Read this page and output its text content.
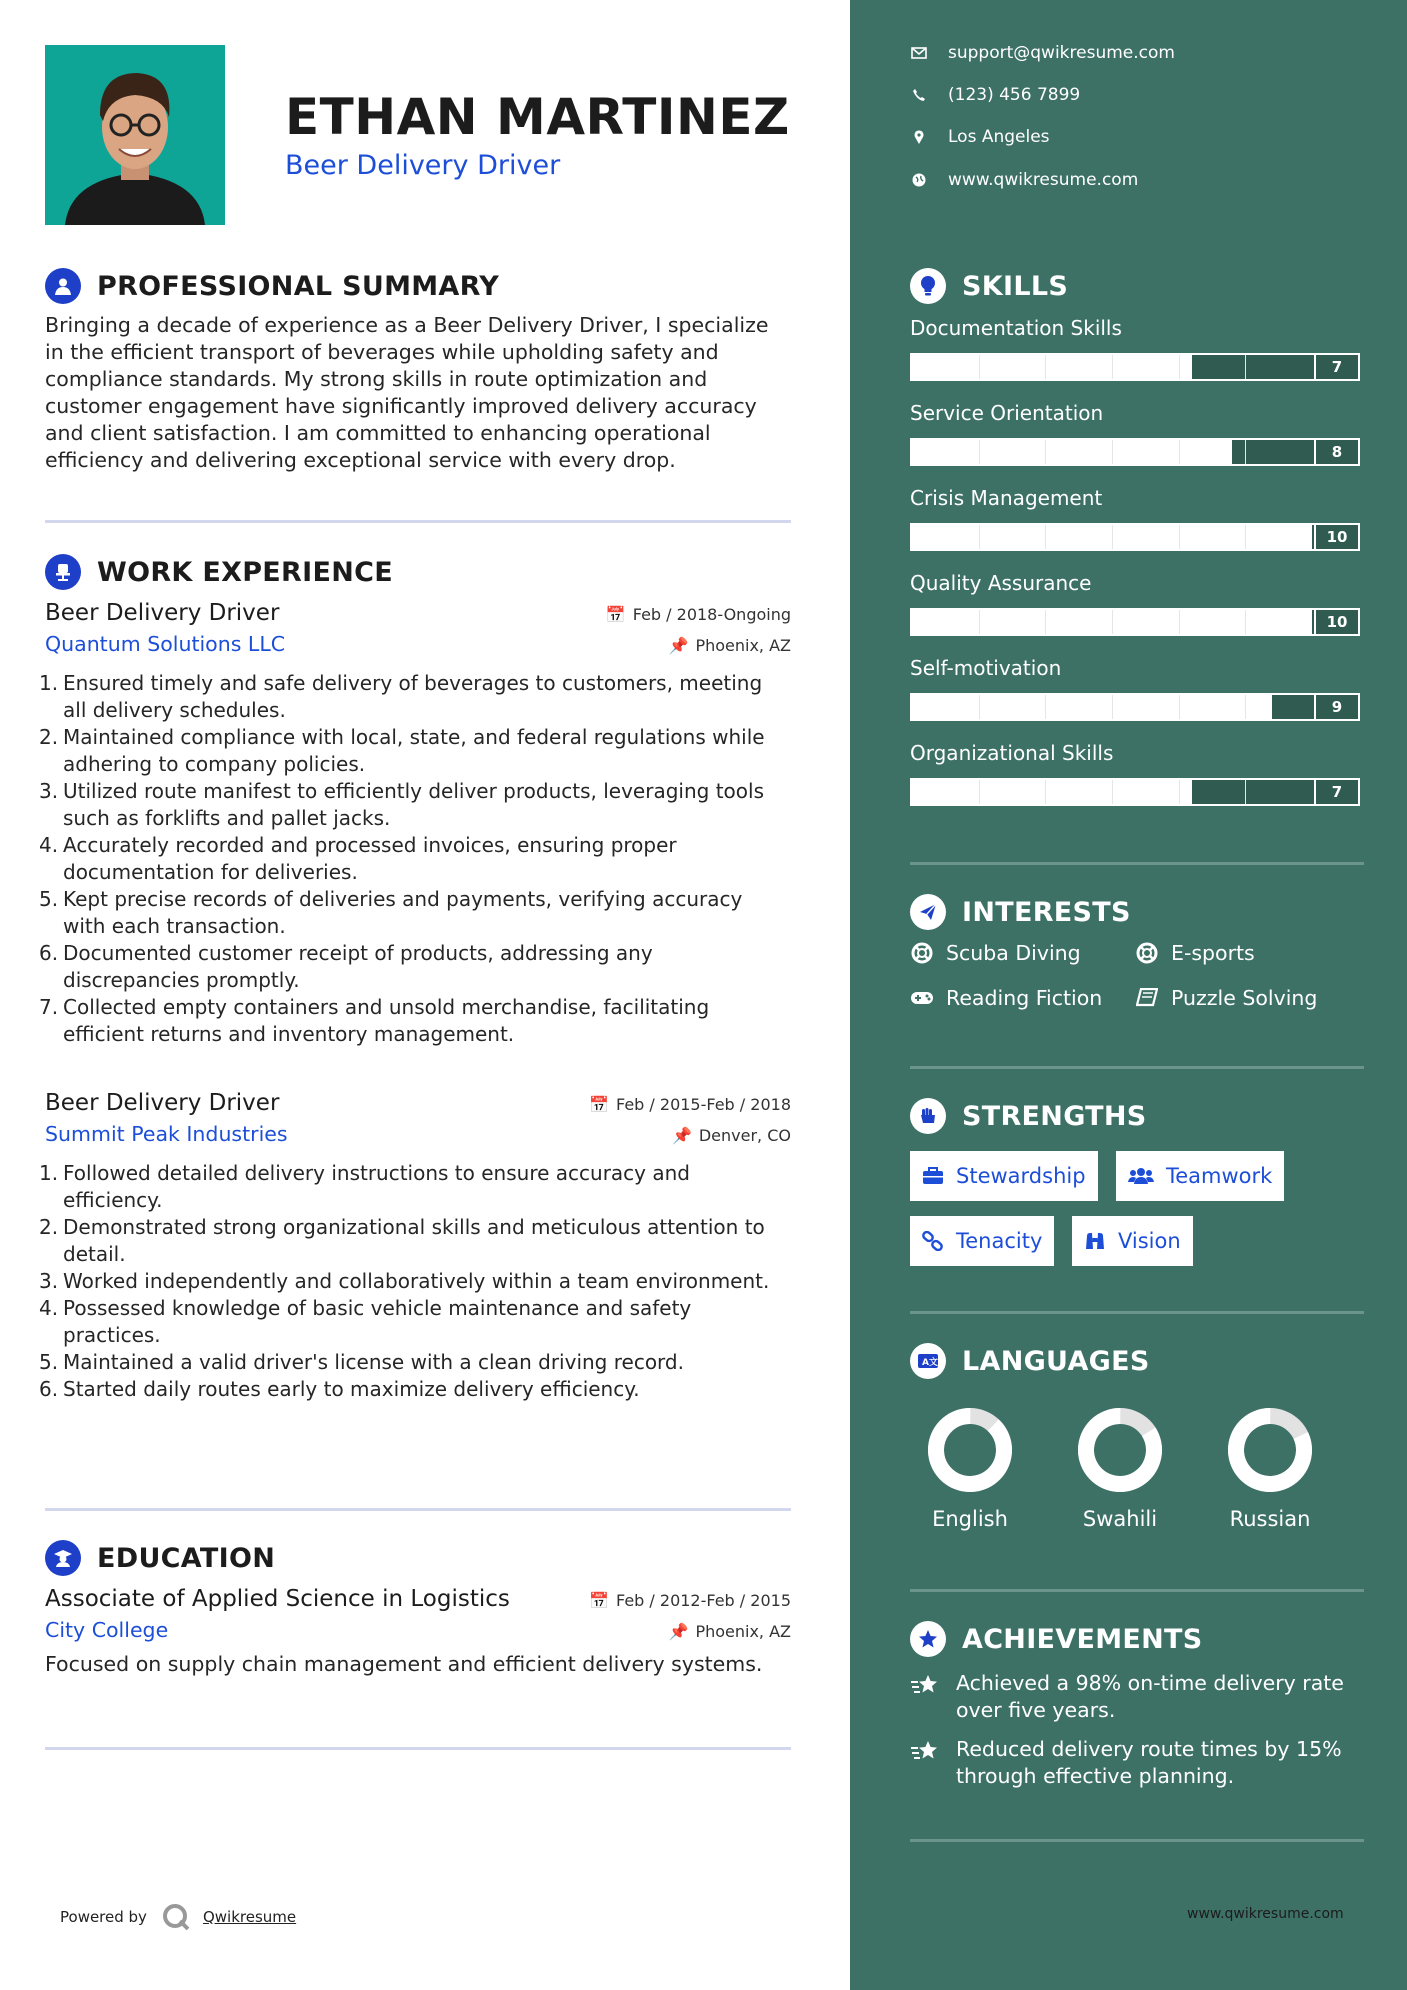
ETHAN MARTINEZ
Beer Delivery Driver
PROFESSIONAL SUMMARY
Bringing a decade of experience as a Beer Delivery Driver, I specialize in the efficient transport of beverages while upholding safety and compliance standards. My strong skills in route optimization and customer engagement have significantly improved delivery accuracy and client satisfaction. I am committed to enhancing operational efficiency and delivering exceptional service with every drop.
WORK EXPERIENCE
Beer Delivery Driver	📅 Feb / 2018-Ongoing
Quantum Solutions LLC	📌 Phoenix, AZ
1. Ensured timely and safe delivery of beverages to customers, meeting all delivery schedules.
2. Maintained compliance with local, state, and federal regulations while adhering to company policies.
3. Utilized route manifest to efficiently deliver products, leveraging tools such as forklifts and pallet jacks.
4. Accurately recorded and processed invoices, ensuring proper documentation for deliveries.
5. Kept precise records of deliveries and payments, verifying accuracy with each transaction.
6. Documented customer receipt of products, addressing any discrepancies promptly.
7. Collected empty containers and unsold merchandise, facilitating efficient returns and inventory management.
Beer Delivery Driver	📅 Feb / 2015-Feb / 2018
Summit Peak Industries	📌 Denver, CO
1. Followed detailed delivery instructions to ensure accuracy and efficiency.
2. Demonstrated strong organizational skills and meticulous attention to detail.
3. Worked independently and collaboratively within a team environment.
4. Possessed knowledge of basic vehicle maintenance and safety practices.
5. Maintained a valid driver's license with a clean driving record.
6. Started daily routes early to maximize delivery efficiency.
EDUCATION
Associate of Applied Science in Logistics	📅 Feb / 2012-Feb / 2015
City College	📌 Phoenix, AZ
Focused on supply chain management and efficient delivery systems.
Powered by	Qwikresume
support@qwikresume.com
(123) 456 7899
Los Angeles
www.qwikresume.com
SKILLS
Documentation Skills
7
Service Orientation
8
Crisis Management
10
Quality Assurance
10
Self-motivation
9
Organizational Skills
7
INTERESTS
Scuba Diving	E-sports
Reading Fiction	Puzzle Solving
STRENGTHS
Stewardship	Teamwork
Tenacity	Vision
A 文 LANGUAGES
English	Swahili	Russian
ACHIEVEMENTS
Achieved a 98% on-time delivery rate over five years.
Reduced delivery route times by 15% through effective planning.
www.qwikresume.com
